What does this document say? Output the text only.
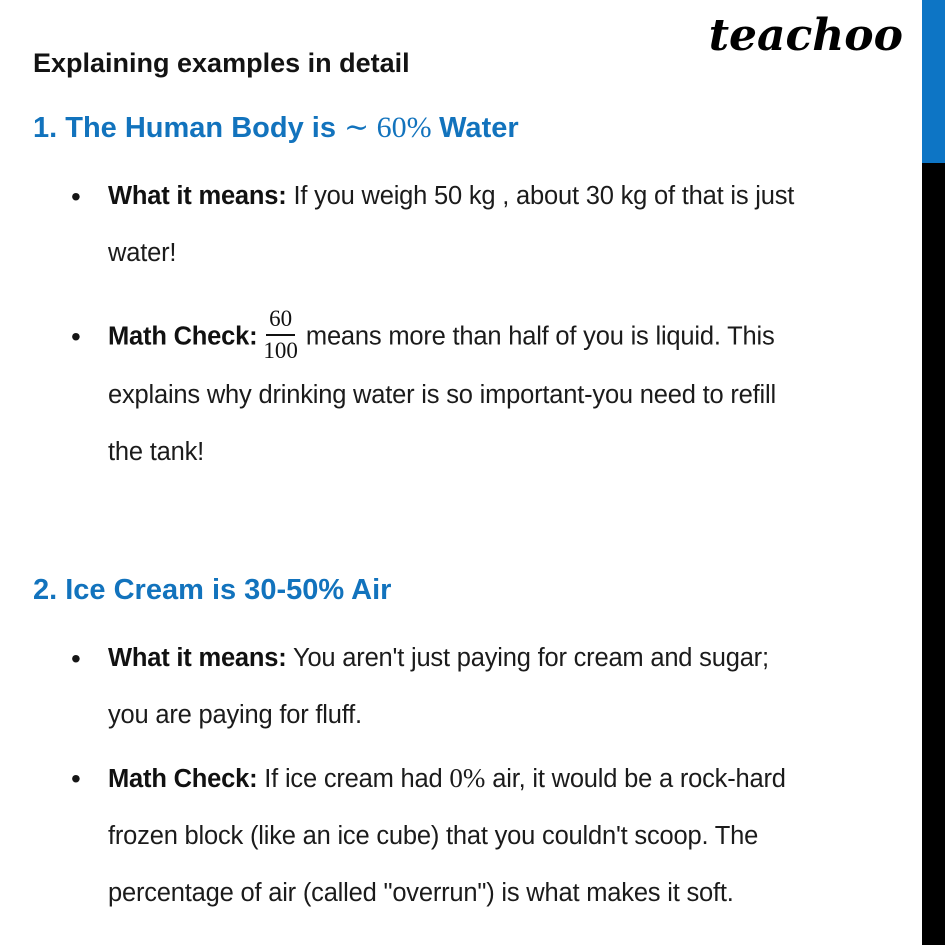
teachoo
Explaining examples in detail
1. The Human Body is ∼ 60% Water
• What it means: If you weigh 50 kg , about 30 kg of that is just
water!
• Math Check: $\frac{60}{100}$ means more than half of you is liquid. This
explains why drinking water is so important-you need to refill
the tank!
2. Ice Cream is 30-50% Air
• What it means: You aren't just paying for cream and sugar;
you are paying for fluff.
• Math Check: If ice cream had 0% air, it would be a rock-hard
frozen block (like an ice cube) that you couldn't scoop. The
percentage of air (called "overrun") is what makes it soft.
